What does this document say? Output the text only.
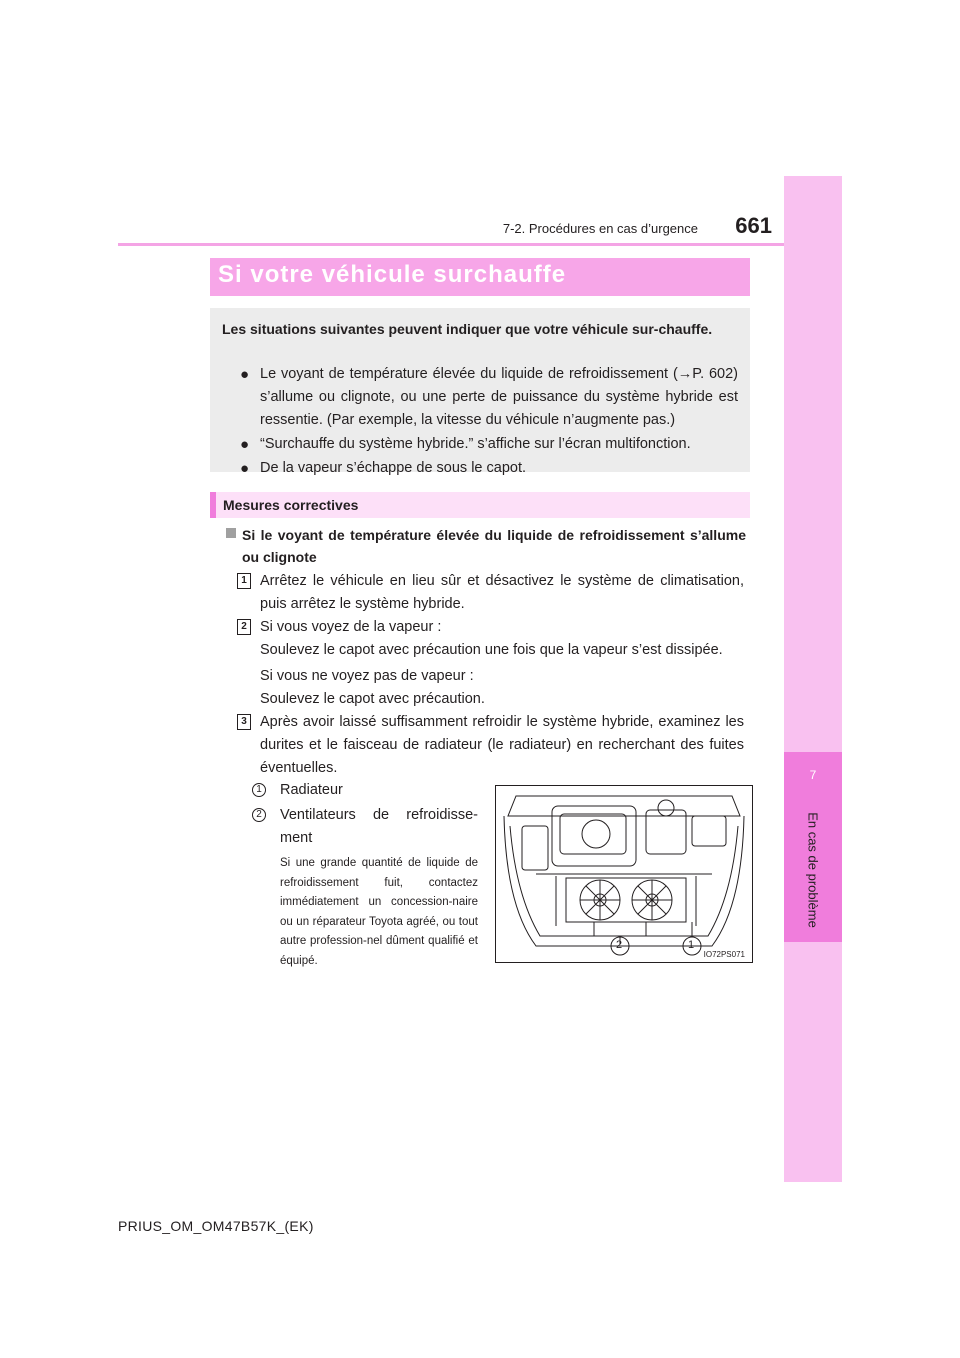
7
En cas de problème
7-2. Procédures en cas d’urgence	661
Si votre véhicule surchauffe
Les situations suivantes peuvent indiquer que votre véhicule sur-chauffe.
● Le voyant de température élevée du liquide de refroidissement (→P. 602) s’allume ou clignote, ou une perte de puissance du système hybride est ressentie. (Par exemple, la vitesse du véhicule n’augmente pas.)
● “Surchauffe du système hybride.” s’affiche sur l’écran multifonction.
● De la vapeur s’échappe de sous le capot.
Mesures correctives
Si le voyant de température élevée du liquide de refroidissement s’allume ou clignote
1 Arrêtez le véhicule en lieu sûr et désactivez le système de climatisation, puis arrêtez le système hybride.
2 Si vous voyez de la vapeur :
Soulevez le capot avec précaution une fois que la vapeur s’est dissipée.
Si vous ne voyez pas de vapeur :
Soulevez le capot avec précaution.
3 Après avoir laissé suffisamment refroidir le système hybride, examinez les durites et le faisceau de radiateur (le radiateur) en recherchant des fuites éventuelles.
1 Radiateur
2 Ventilateurs de refroidisse-ment
Si une grande quantité de liquide de refroidissement fuit, contactez immédiatement un concession-naire ou un réparateur Toyota agréé, ou tout autre profession-nel dûment qualifié et équipé.
2	1
IO72PS071
PRIUS_OM_OM47B57K_(EK)
